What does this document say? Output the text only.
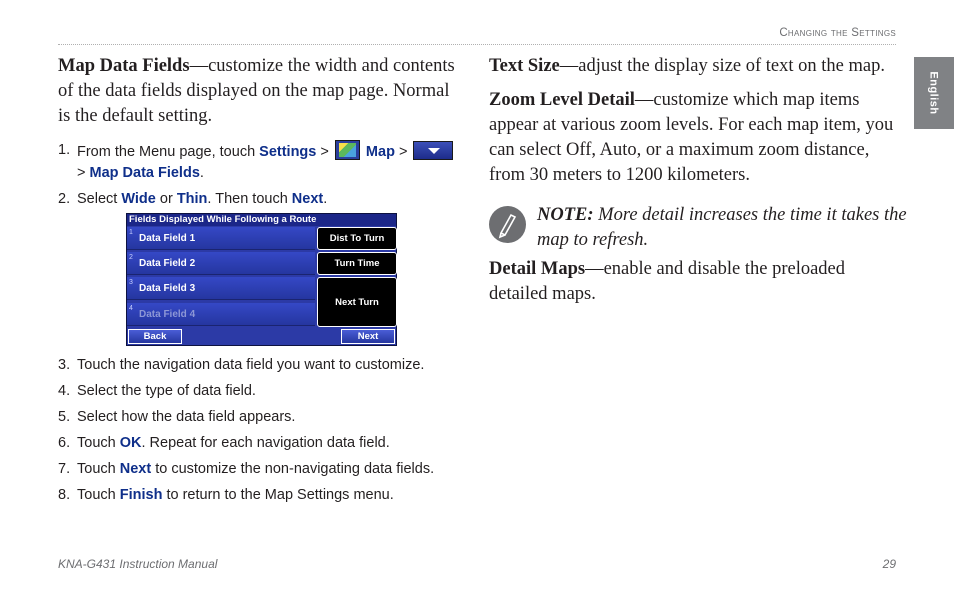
Changing the Settings
English

Map Data Fields—customize the width and contents of the data fields displayed on the map page. Normal is the default setting.

1. From the Menu page, touch Settings >  Map >
> Map Data Fields.
2. Select Wide or Thin. Then touch Next.
Fields Displayed While Following a Route
1
Data Field 1
2
Data Field 2
3
Data Field 3
4
Data Field 4
Dist To Turn
Turn Time
Next Turn
Back	Next
3. Touch the navigation data field you want to customize.
4. Select the type of data field.
5. Select how the data field appears.
6. Touch OK. Repeat for each navigation data field.
7. Touch Next to customize the non-navigating data fields.
8. Touch Finish to return to the Map Settings menu.

Text Size—adjust the display size of text on the map.

Zoom Level Detail—customize which map items appear at various zoom levels. For each map item, you can select Off, Auto, or a maximum zoom distance, from 30 meters to 1200 kilometers.

NOTE: More detail increases the time it takes the map to refresh.

Detail Maps—enable and disable the preloaded detailed maps.

KNA-G431 Instruction Manual	29
